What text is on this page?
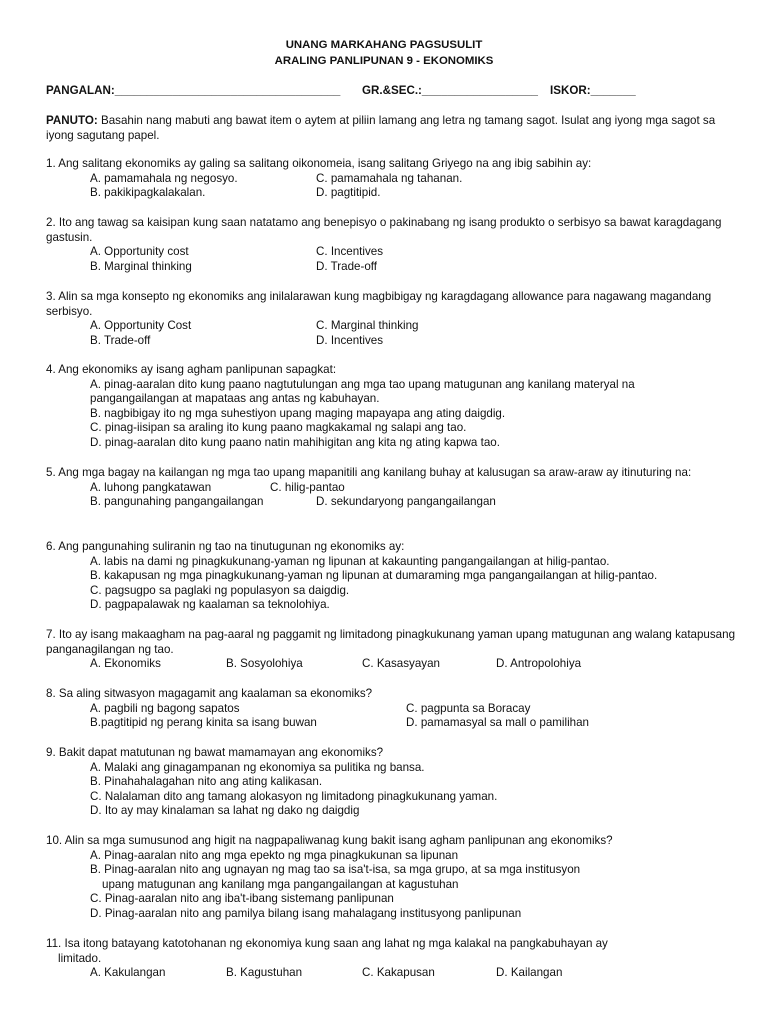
UNANG MARKAHANG PAGSUSULIT
ARALING PANLIPUNAN 9 - EKONOMIKS
PANGALAN:___________________________________ GR.&SEC.:__________________ ISKOR:_______
PANUTO: Basahin nang mabuti ang bawat item o aytem at piliin lamang ang letra ng tamang sagot. Isulat ang iyong mga sagot sa iyong sagutang papel.
1. Ang salitang ekonomiks ay galing sa salitang oikonomeia, isang salitang Griyego na ang ibig sabihin ay:
A. pamamahala ng negosyo.	C. pamamahala ng tahanan.
B. pakikipagkalakalan.	D. pagtitipid.
2. Ito ang tawag sa kaisipan kung saan natatamo ang benepisyo o pakinabang ng isang produkto o serbisyo sa bawat karagdagang gastusin.
A. Opportunity cost	C. Incentives
B. Marginal thinking	D. Trade-off
3. Alin sa mga konsepto ng ekonomiks ang inilalarawan kung magbibigay ng karagdagang allowance para nagawang magandang serbisyo.
A. Opportunity Cost	C. Marginal thinking
B. Trade-off	D. Incentives
4. Ang ekonomiks ay isang agham panlipunan sapagkat:
A. pinag-aaralan dito kung paano nagtutulungan ang mga tao upang matugunan ang kanilang materyal na pangangailangan at mapataas ang antas ng kabuhayan.
B. nagbibigay ito ng mga suhestiyon upang maging mapayapa ang ating daigdig.
C. pinag-iisipan sa araling ito kung paano magkakamal ng salapi ang tao.
D. pinag-aaralan dito kung paano natin mahihigitan ang kita ng ating kapwa tao.
5. Ang mga bagay na kailangan ng mga tao upang mapanitili ang kanilang buhay at kalusugan sa araw-araw ay itinuturing na:
A. luhong pangkatawan	C. hilig-pantao
B. pangunahing pangangailangan	D. sekundaryong pangangailangan
6. Ang pangunahing suliranin ng tao na tinutugunan ng ekonomiks ay:
A. labis na dami ng pinagkukunang-yaman ng lipunan at kakaunting pangangailangan at hilig-pantao.
B. kakapusan ng mga pinagkukunang-yaman ng lipunan at dumaraming mga pangangailangan at hilig-pantao.
C. pagsugpo sa paglaki ng populasyon sa daigdig.
D. pagpapalawak ng kaalaman sa teknolohiya.
7. Ito ay isang makaagham na pag-aaral ng paggamit ng limitadong pinagkukunang yaman upang matugunan ang walang katapusang panganagilangan ng tao.
A. Ekonomiks	B. Sosyolohiya	C. Kasasyayan	D. Antropolohiya
8. Sa aling sitwasyon magagamit ang kaalaman sa ekonomiks?
A. pagbili ng bagong sapatos	C. pagpunta sa Boracay
B.pagtitipid ng perang kinita sa isang buwan	D. pamamasyal sa mall o pamilihan
9. Bakit dapat matutunan ng bawat mamamayan ang ekonomiks?
A. Malaki ang ginagampanan ng ekonomiya sa pulitika ng bansa.
B. Pinahahalagahan nito ang ating kalikasan.
C. Nalalaman dito ang tamang alokasyon ng limitadong pinagkukunang yaman.
D. Ito ay may kinalaman sa lahat ng dako ng daigdig
10. Alin sa mga sumusunod ang higit na nagpapaliwanag kung bakit isang agham panlipunan ang ekonomiks?
A. Pinag-aaralan nito ang mga epekto ng mga pinagkukunan sa lipunan
B. Pinag-aaralan nito ang ugnayan ng mag tao sa isa't-isa, sa mga grupo, at sa mga institusyon
upang matugunan ang kanilang mga pangangailangan at kagustuhan
C. Pinag-aaralan nito ang iba't-ibang sistemang panlipunan
D. Pinag-aaralan nito ang pamilya bilang isang mahalagang institusyong panlipunan
11. Isa itong batayang katotohanan ng ekonomiya kung saan ang lahat ng mga kalakal na pangkabuhayan ay
limitado.
A. Kakulangan	B. Kagustuhan	C. Kakapusan	D. Kailangan
